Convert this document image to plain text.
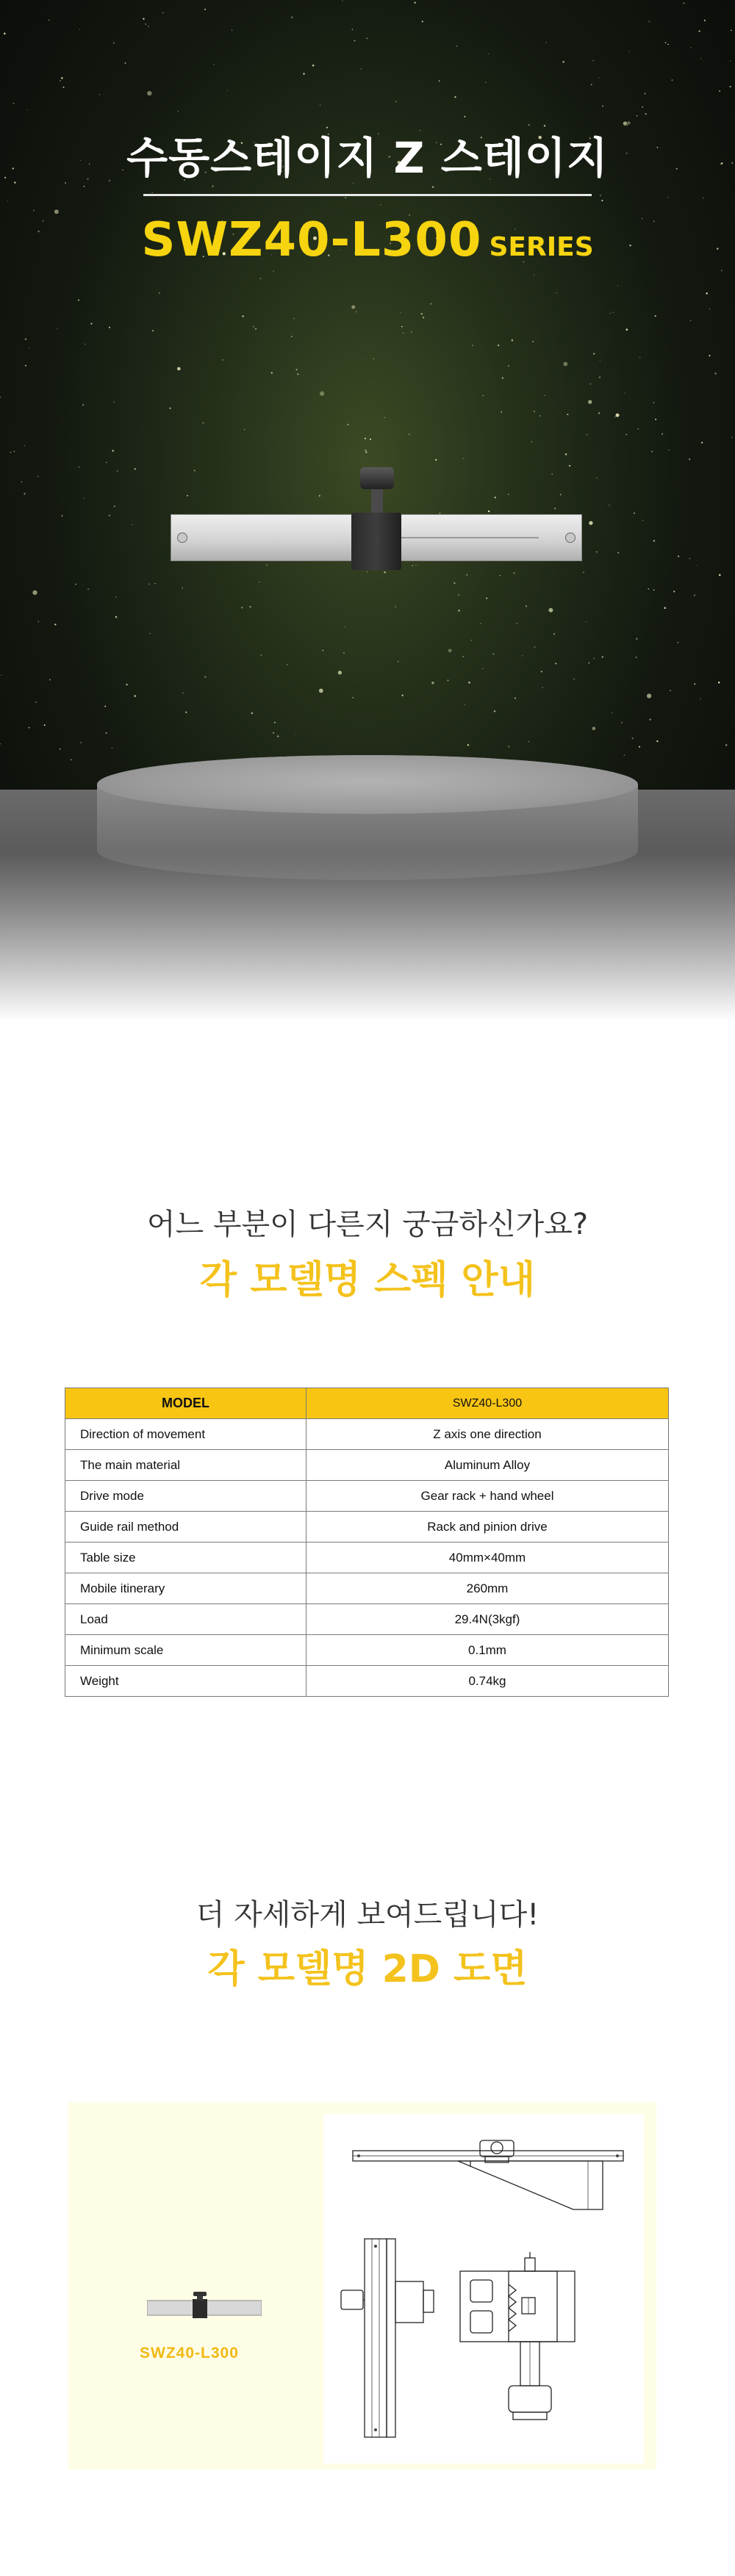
수동스테이지 Z 스테이지
SWZ40-L300 SERIES
어느 부분이 다른지 궁금하신가요?
각 모델명 스펙 안내
MODEL	SWZ40-L300
Direction of movement	Z axis one direction
The main material	Aluminum Alloy
Drive mode	Gear rack + hand wheel
Guide rail method	Rack and pinion drive
Table size	40mm×40mm
Mobile itinerary	260mm
Load	29.4N(3kgf)
Minimum scale	0.1mm
Weight	0.74kg
더 자세하게 보여드립니다!
각 모델명 2D 도면
SWZ40-L300
